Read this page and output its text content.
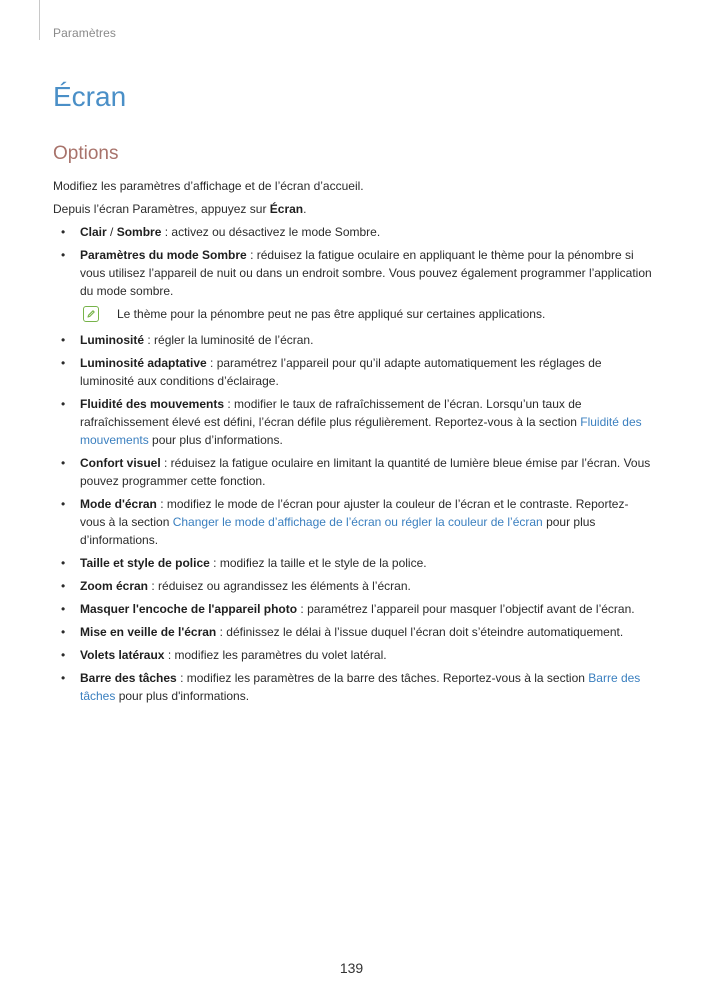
Paramètres
Écran
Options

Modifiez les paramètres d’affichage et de l’écran d’accueil.

Depuis l’écran Paramètres, appuyez sur Écran.

• Clair / Sombre : activez ou désactivez le mode Sombre.
• Paramètres du mode Sombre : réduisez la fatigue oculaire en appliquant le thème pour la pénombre si vous utilisez l’appareil de nuit ou dans un endroit sombre. Vous pouvez également programmer l’application du mode sombre.
Le thème pour la pénombre peut ne pas être appliqué sur certaines applications.
• Luminosité : régler la luminosité de l’écran.
• Luminosité adaptative : paramétrez l’appareil pour qu’il adapte automatiquement les réglages de luminosité aux conditions d’éclairage.
• Fluidité des mouvements : modifier le taux de rafraîchissement de l’écran. Lorsqu’un taux de rafraîchissement élevé est défini, l’écran défile plus régulièrement. Reportez-vous à la section Fluidité des mouvements pour plus d’informations.
• Confort visuel : réduisez la fatigue oculaire en limitant la quantité de lumière bleue émise par l’écran. Vous pouvez programmer cette fonction.
• Mode d'écran : modifiez le mode de l’écran pour ajuster la couleur de l’écran et le contraste. Reportez-vous à la section Changer le mode d’affichage de l’écran ou régler la couleur de l’écran pour plus d’informations.
• Taille et style de police : modifiez la taille et le style de la police.
• Zoom écran : réduisez ou agrandissez les éléments à l’écran.
• Masquer l'encoche de l'appareil photo : paramétrez l’appareil pour masquer l’objectif avant de l’écran.
• Mise en veille de l'écran : définissez le délai à l’issue duquel l’écran doit s’éteindre automatiquement.
• Volets latéraux : modifiez les paramètres du volet latéral.
• Barre des tâches : modifiez les paramètres de la barre des tâches. Reportez-vous à la section Barre des tâches pour plus d'informations.
139
